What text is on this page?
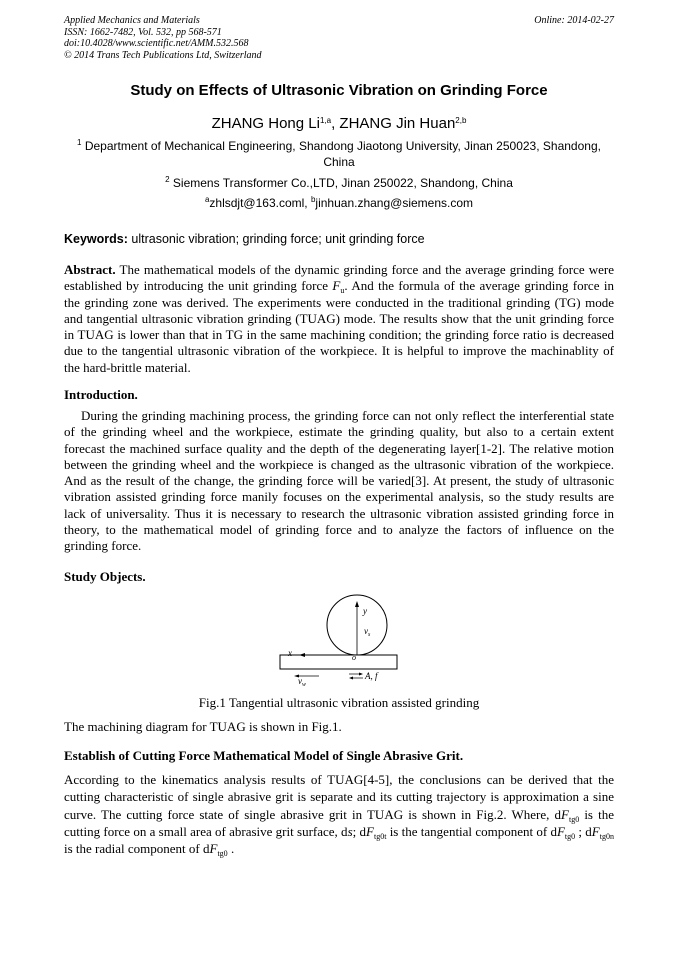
Applied Mechanics and Materials
ISSN: 1662-7482, Vol. 532, pp 568-571
doi:10.4028/www.scientific.net/AMM.532.568
© 2014 Trans Tech Publications Ltd, Switzerland
Online: 2014-02-27
Study on Effects of Ultrasonic Vibration on Grinding Force
ZHANG Hong Li$^{1,a}$, ZHANG Jin Huan$^{2,b}$
$^1$ Department of Mechanical Engineering, Shandong Jiaotong University, Jinan 250023, Shandong, China
$^2$ Siemens Transformer Co.,LTD, Jinan 250022, Shandong, China
$^a$zhlsdjt@163.coml, $^b$jinhuan.zhang@siemens.com
Keywords: ultrasonic vibration; grinding force; unit grinding force
Abstract. The mathematical models of the dynamic grinding force and the average grinding force were established by introducing the unit grinding force $F_u$. And the formula of the average grinding force in the grinding zone was derived. The experiments were conducted in the traditional grinding (TG) mode and tangential ultrasonic vibration grinding (TUAG) mode. The results show that the unit grinding force in TUAG is lower than that in TG in the same machining condition; the grinding force ratio is decreased due to the tangential ultrasonic vibration of the workpiece. It is helpful to improve the machinablity of the hard-brittle material.
Introduction.
During the grinding machining process, the grinding force can not only reflect the interferential state of the grinding wheel and the workpiece, estimate the grinding quality, but also to a certain extent forecast the machined surface quality and the depth of the degenerating layer[1-2]. The relative motion between the grinding wheel and the workpiece is changed as the ultrasonic vibration of the workpiece. And as the result of the change, the grinding force will be varied[3]. At present, the study of ultrasonic vibration assisted grinding force manily focuses on the experimental analysis, so the study results are lack of universality. Thus it is necessary to research the ultrasonic vibration assisted grinding force in theory, to the mathematical model of grinding force and to analyze the factors of influence on the grinding force.
Study Objects.
y
$v_s$
x	o
$v_w$
A, f
Fig.1 Tangential ultrasonic vibration assisted grinding
The machining diagram for TUAG is shown in Fig.1.
Establish of Cutting Force Mathematical Model of Single Abrasive Grit.
According to the kinematics analysis results of TUAG[4-5], the conclusions can be derived that the cutting characteristic of single abrasive grit is separate and its cutting trajectory is approximation a sine curve. The cutting force state of single abrasive grit in TUAG is shown in Fig.2. Where, $dF_{tg0}$ is the cutting force on a small area of abrasive grit surface, ds; $dF_{tg0t}$ is the tangential component of $dF_{tg0}$ ; $dF_{tg0n}$ is the radial component of $dF_{tg0}$ .
